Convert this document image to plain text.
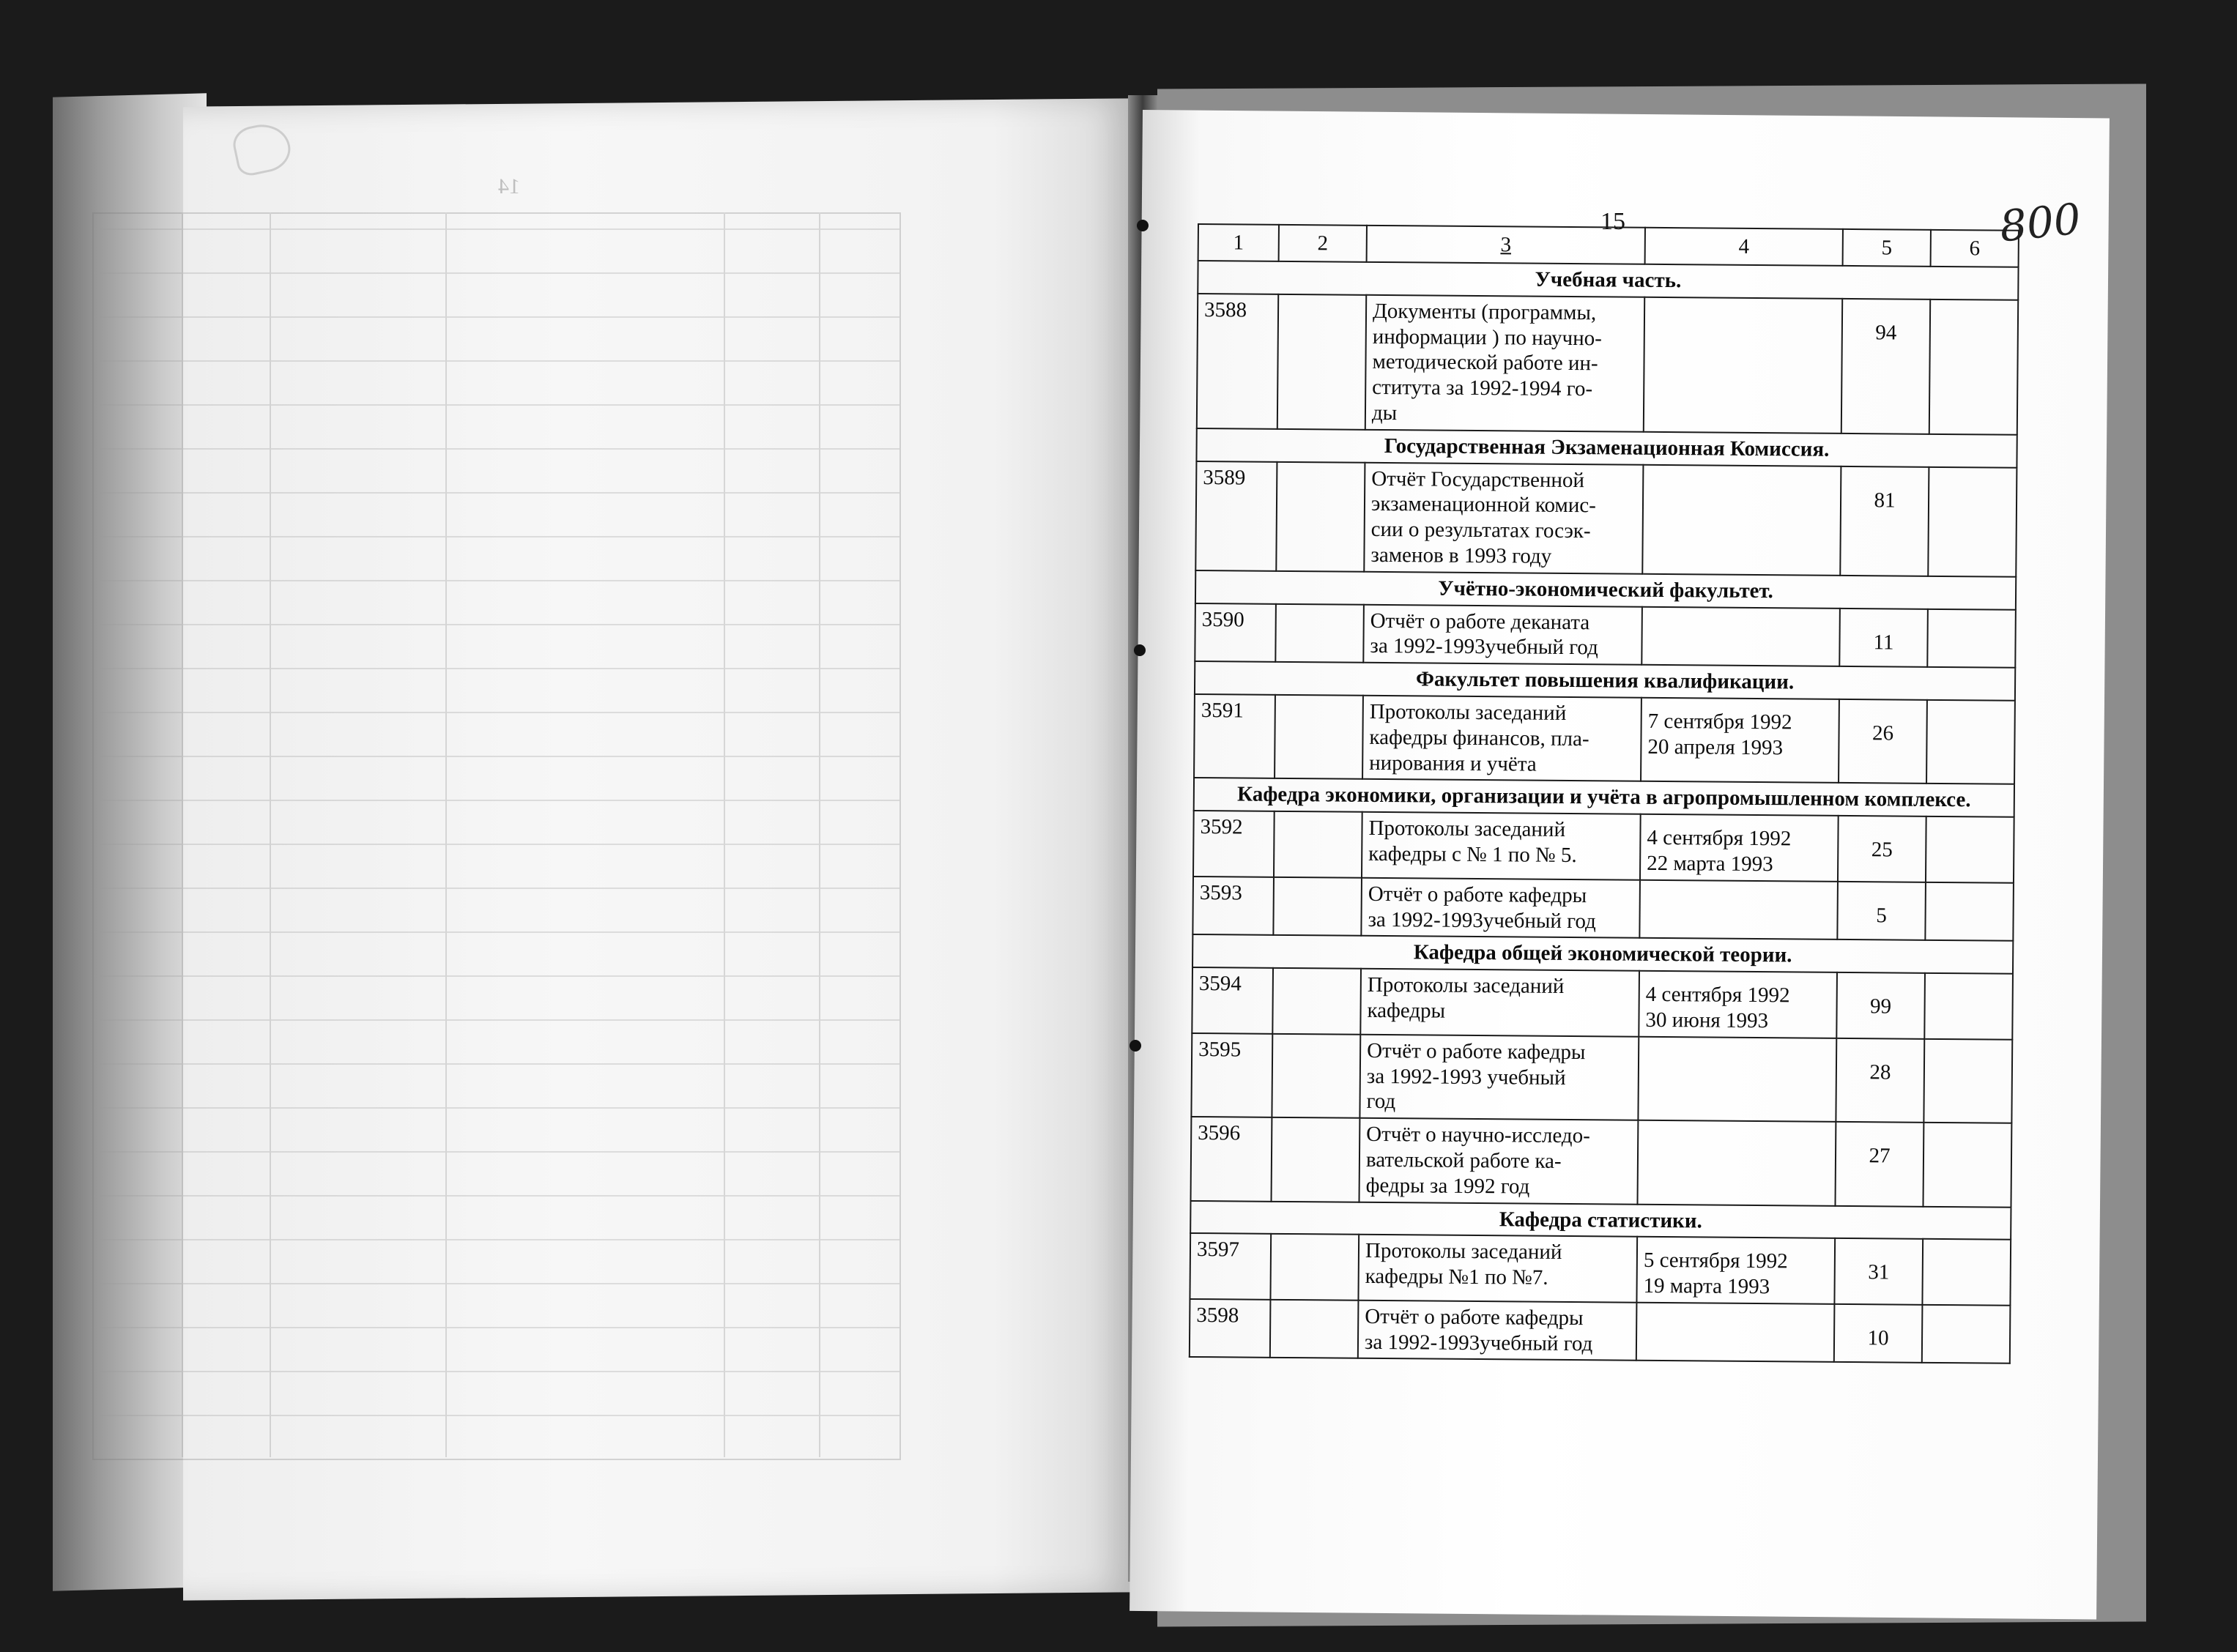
14
15	800
1	2	3	4	5	6
Учебная часть.					
3588		Документы (программы,
информации ) по научно-
методической работе ин-
ститута за 1992-1994 го-
ды		94	
Государственная Экзаменационная Комиссия.					
3589		Отчёт Государственной
экзаменационной комис-
сии о результатах госэк-
заменов в 1993 году		81	
Учётно-экономический факультет.					
3590		Отчёт о работе деканата
за 1992-1993учебный год		11	
Факультет повышения квалификации.					
3591		Протоколы заседаний
кафедры финансов, пла-
нирования и учёта	7 сентября 1992
20 апреля 1993	26	
Кафедра экономики, организации и учёта в агропромышленном комплексе.					
3592		Протоколы заседаний
кафедры с № 1 по № 5.	4 сентября 1992
22 марта 1993	25	
3593		Отчёт о работе кафедры
за 1992-1993учебный год		5	
Кафедра общей экономической теории.					
3594		Протоколы заседаний
кафедры	4 сентября 1992
30 июня 1993	99	
3595		Отчёт о работе кафедры
за 1992-1993 учебный
год		28	
3596		Отчёт о научно-исследо-
вательской работе ка-
федры за 1992 год		27	
Кафедра статистики.					
3597		Протоколы заседаний
кафедры №1 по №7.	5 сентября 1992
19 марта 1993	31	
3598		Отчёт о работе кафедры
за 1992-1993учебный год		10	
